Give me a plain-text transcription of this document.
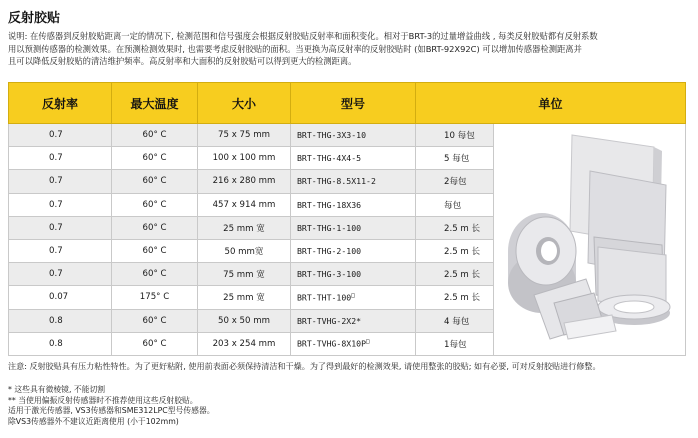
反射胶贴

说明: 在传感器到反射胶贴距离一定的情况下, 检测范围和信号强度会根据反射胶贴反射率和面积变化。相对于BRT-3的过量增益曲线 , 每类反射胶贴都有反射系数

用以预测传感器的检测效果。在预测检测效果时, 也需要考虑反射胶贴的面积。当更换为高反射率的反射胶贴时 (如BRT-92X92C) 可以增加传感器检测距离并

且可以降低反射胶贴的清洁维护频率。高反射率和大面积的反射胶贴可以得到更大的检测距离。

反射率	最大温度	大小	型号	单位	
0.7	60° C	75 x 75 mm	BRT-THG-3X3-10	10 每包	
0.7	60° C	100 x 100 mm	BRT-THG-4X4-5	5 每包	
0.7	60° C	216 x 280 mm	BRT-THG-8.5X11-2	2每包	
0.7	60° C	457 x 914 mm	BRT-THG-18X36	每包	
0.7	60° C	25 mm 宽	BRT-THG-1-100	2.5 m 长	
0.7	60° C	50 mm宽	BRT-THG-2-100	2.5 m 长	
0.7	60° C	75 mm 宽	BRT-THG-3-100	2.5 m 长	
0.07	175° C	25 mm 宽	BRT-THT-100□	2.5 m 长	
0.8	60° C	50 x 50 mm	BRT-TVHG-2X2*	4 每包	
0.8	60° C	203 x 254 mm	BRT-TVHG-8X10P□	1每包	
注意: 反射胶贴具有压力粘性特性。为了更好粘附, 使用前表面必须保持清洁和干燥。为了得到最好的检测效果, 请使用整张的胶贴; 如有必要, 可对反射胶贴进行修整。

* 这些具有微棱镜, 不能切割

** 当使用偏振反射传感器时不推荐使用这些反射胶贴。

适用于激光传感器, VS3传感器和SME312LPC型号传感器。

除VS3传感器外不建议近距离使用 (小于102mm)
